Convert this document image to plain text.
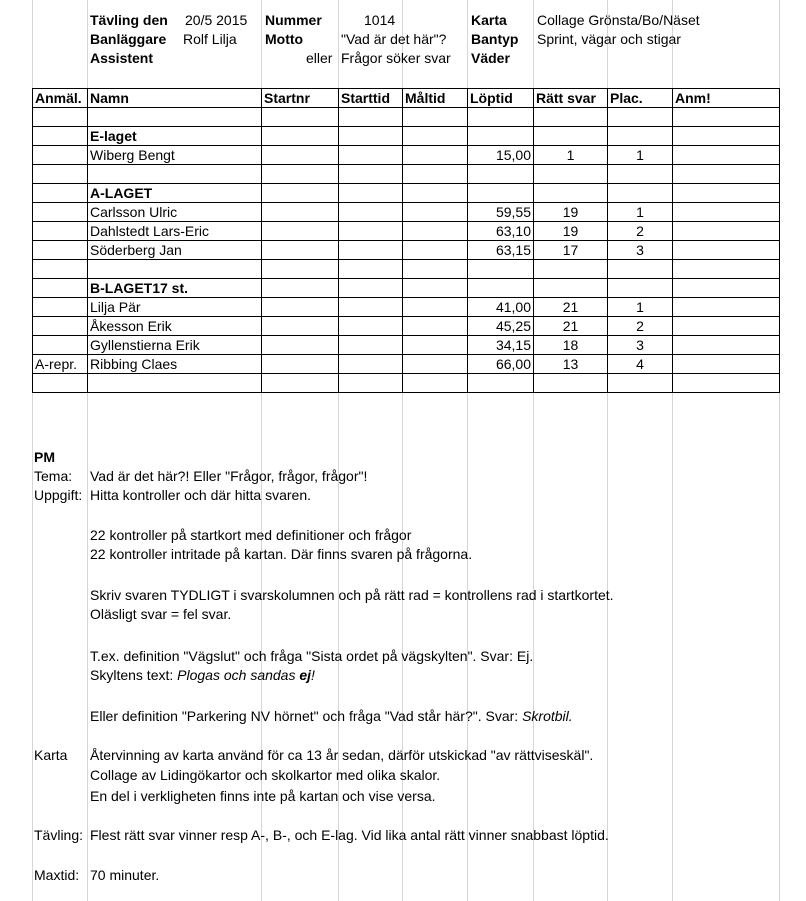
Tävling den 20/5 2015 Nummer	1014	Karta Collage Grönsta/Bo/Näset
Banläggare Rolf Lilja Motto	"Vad är det här"? Bantyp Sprint, vägar och stigar
Assistent	eller Frågor söker svar Väder
Anmäl.	Namn	Startnr	Starttid	Måltid	Löptid	Rätt svar	Plac.	Anm!

	E-laget							
	Wiberg Bengt				15,00	1	1	

	A-LAGET							
	Carlsson Ulric				59,55	19	1	
	Dahlstedt Lars-Eric				63,10	19	2	
	Söderberg Jan				63,15	17	3	

	B-LAGET17 st.							
	Lilja Pär				41,00	21	1	
	Åkesson Erik				45,25	21	2	
	Gyllenstierna Erik				34,15	18	3	
A-repr.	Ribbing Claes				66,00	13	4	

PM
Tema: Vad är det här?! Eller "Frågor, frågor, frågor"!
Uppgift: Hitta kontroller och där hitta svaren.
22 kontroller på startkort med definitioner och frågor
22 kontroller intritade på kartan. Där finns svaren på frågorna.
Skriv svaren TYDLIGT i svarskolumnen och på rätt rad = kontrollens rad i startkortet.
Oläsligt svar = fel svar.
T.ex. definition "Vägslut" och fråga "Sista ordet på vägskylten". Svar: Ej.
Skyltens text: Plogas och sandas ej!
Eller definition "Parkering NV hörnet" och fråga "Vad står här?". Svar: Skrotbil.
Karta Återvinning av karta använd för ca 13 år sedan, därför utskickad "av rättviseskäl".
Collage av Lidingökartor och skolkartor med olika skalor.
En del i verkligheten finns inte på kartan och vise versa.
Tävling: Flest rätt svar vinner resp A-, B-, och E-lag. Vid lika antal rätt vinner snabbast löptid.
Maxtid: 70 minuter.
